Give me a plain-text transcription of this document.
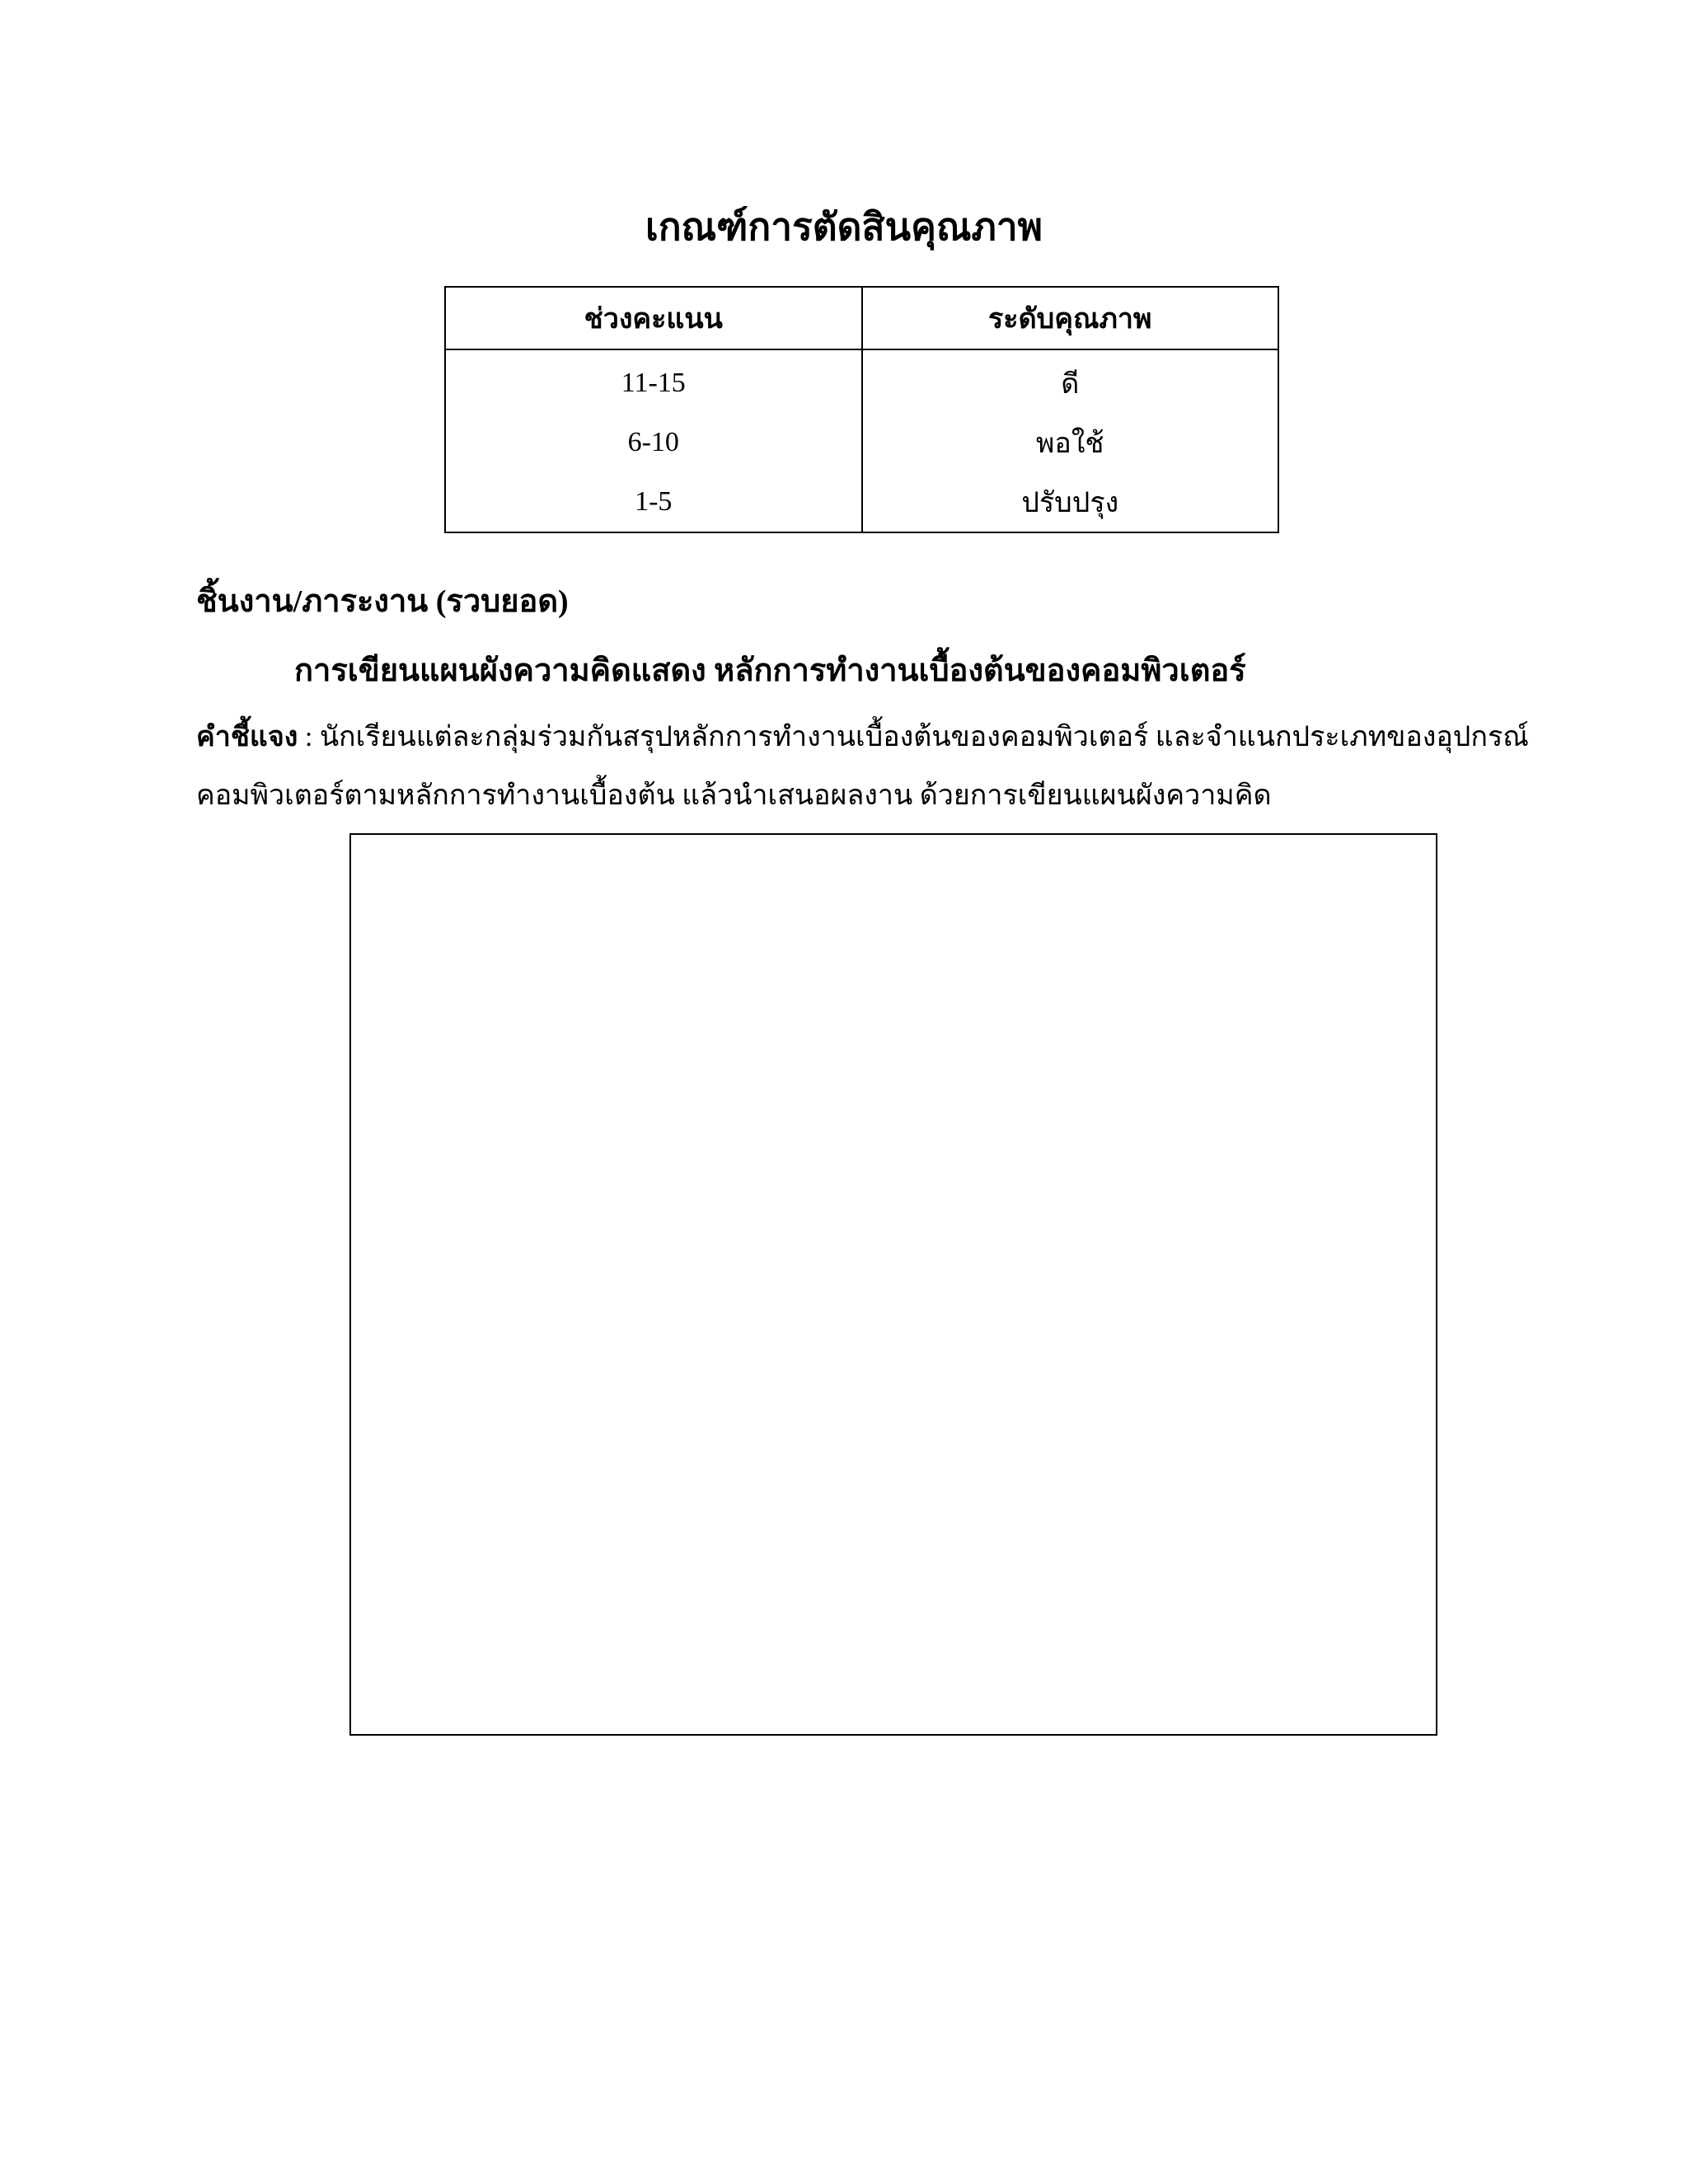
เกณฑ์การตัดสินคุณภาพ
ช่วงคะแนน	ระดับคุณภาพ
11-15	ดี
6-10	พอใช้
1-5	ปรับปรุง
ชิ้นงาน/ภาระงาน (รวบยอด)
การเขียนแผนผังความคิดแสดง หลักการทำงานเบื้องต้นของคอมพิวเตอร์
คำชี้แจง : นักเรียนแต่ละกลุ่มร่วมกันสรุปหลักการทำงานเบื้องต้นของคอมพิวเตอร์ และจำแนกประเภทของอุปกรณ์
คอมพิวเตอร์ตามหลักการทำงานเบื้องต้น แล้วนำเสนอผลงาน ด้วยการเขียนแผนผังความคิด
